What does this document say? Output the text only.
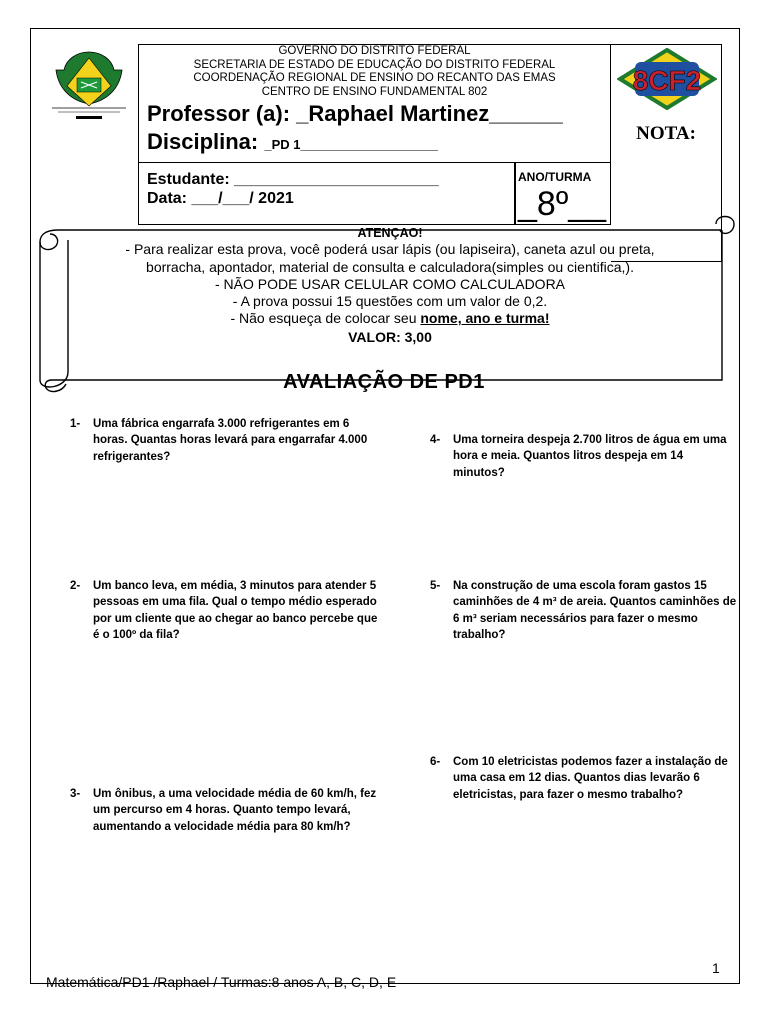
GOVERNO DO DISTRITO FEDERAL
SECRETARIA DE ESTADO DE EDUCAÇÃO DO DISTRITO FEDERAL
COORDENAÇÃO REGIONAL DE ENSINO DO RECANTO DAS EMAS
CENTRO DE ENSINO FUNDAMENTAL 802
Professor (a): _Raphael Martinez______
Disciplina: _PD 1___________________
NOTA:
8CF2
Estudante: _______________________
Data: ___/___/ 2021
ANO/TURMA
_8º__
ATENÇAO!
- Para realizar esta prova, você poderá usar lápis (ou lapiseira), caneta azul ou preta,
borracha, apontador, material de consulta e calculadora(simples ou cientifica,).
- NÃO PODE USAR CELULAR COMO CALCULADORA
- A prova possui 15 questões com um valor de 0,2.
- Não esqueça de colocar seu nome, ano e turma!
VALOR: 3,00
AVALIAÇÃO DE PD1
1- Uma fábrica engarrafa 3.000 refrigerantes em 6 horas. Quantas horas levará para engarrafar 4.000 refrigerantes?
2- Um banco leva, em média, 3 minutos para atender 5 pessoas em uma fila. Qual o tempo médio esperado por um cliente que ao chegar ao banco percebe que é o 100º da fila?
3- Um ônibus, a uma velocidade média de 60 km/h, fez um percurso em 4 horas. Quanto tempo levará, aumentando a velocidade média para 80 km/h?
4- Uma torneira despeja 2.700 litros de água em uma hora e meia. Quantos litros despeja em 14 minutos?
5- Na construção de uma escola foram gastos 15 caminhões de 4 m³ de areia. Quantos caminhões de 6 m³ seriam necessários para fazer o mesmo trabalho?
6- Com 10 eletricistas podemos fazer a instalação de uma casa em 12 dias. Quantos dias levarão 6 eletricistas, para fazer o mesmo trabalho?
1
Matemática/PD1 /Raphael / Turmas:8 anos A, B, C, D, E
